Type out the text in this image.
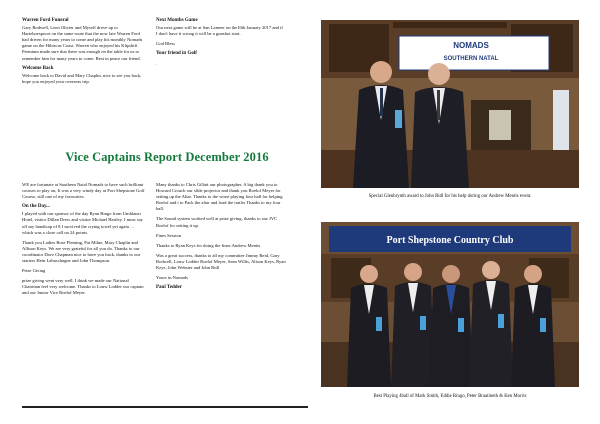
Warren Ford Funeral

Gary Rodwell, Leon Olivier and Myself drove up to Harteboespoort on the same route that the now late Warren Ford had driven for many years to come and play his monthly Nomads game on the Hibiscus Coast. Warren who enjoyed his Klipdrift Premium made sure that there was enough on the table for us to remember him for many years to come. Rest in peace our friend.

Welcome Back

Welcome back to David and Mary Chaplin, nice to see you back, hope you enjoyed your overseas trip.

Next Months Game

Our next game will be at San Lameer on the10th January 2017 and if I don't have it wrong it will be a gunshot start.

God Bless

Your friend in Golf

.

Vice Captains Report December 2016

WE are fortunate at Southern Natal Nomads to have such brilliant courses to play on, It was a very windy day at Port Shepstone Golf Course, still one of my favourites.

On the Day...

I played with our sponsor of the day Ryan Ringo from Umhlanzi Hotel, visitor Dillan Drew and visitor Michael Hartley. I must say off my handicap of 8 I survived the crying towel yet again … which was a close call on 24 points.

Thank you Ladies Rose Fleming, Pat Milne, Mary Chaplin and Allison Keys. We are very grateful for all you do. Thanks to our coordinator Dave Chapman nice to have you back, thanks to our starters Hein Labuschagne and John Thompson.

Prize Giving

prize giving went very well, I think we made our National Chairman feel very welcome. Thanks to Louw Lodder our captain and our Junior Vice Roelof Meyer.

Many thanks to Chris Gillatt our photographer. A big thank you to Howard Crouch our slide projector and thank you Roelof Meyer for setting up the Altar. Thanks to the worst playing four ball for helping Roelof and i to Pack the altar and load the trailer Thanks to my four ball.

The Sound system worked well at prize giving, thanks to our JVC Roelof for setting it up.

Fines Session

Thanks to Ryan Keys for doing the fines.Andrew Mentis

Was a great success, thanks to all my committee Jimmy Reid, Gary Rodwell, Louw Lodder Roelof Meyer, Sean Willis, Alison Keys, Ryan Keys, John Webster and John Ridl

Yours in Nomads

Paul Tedder
NOMADS
SOUTHERN NATAL
Special Glenbrynth award to John Ridl for his help during our Andrew Mentis event.
Port Shepstone Country Club
Best Playing 4ball of Mark Smith, Eddie Ringo, Peter Braatineth & Ken Morris
